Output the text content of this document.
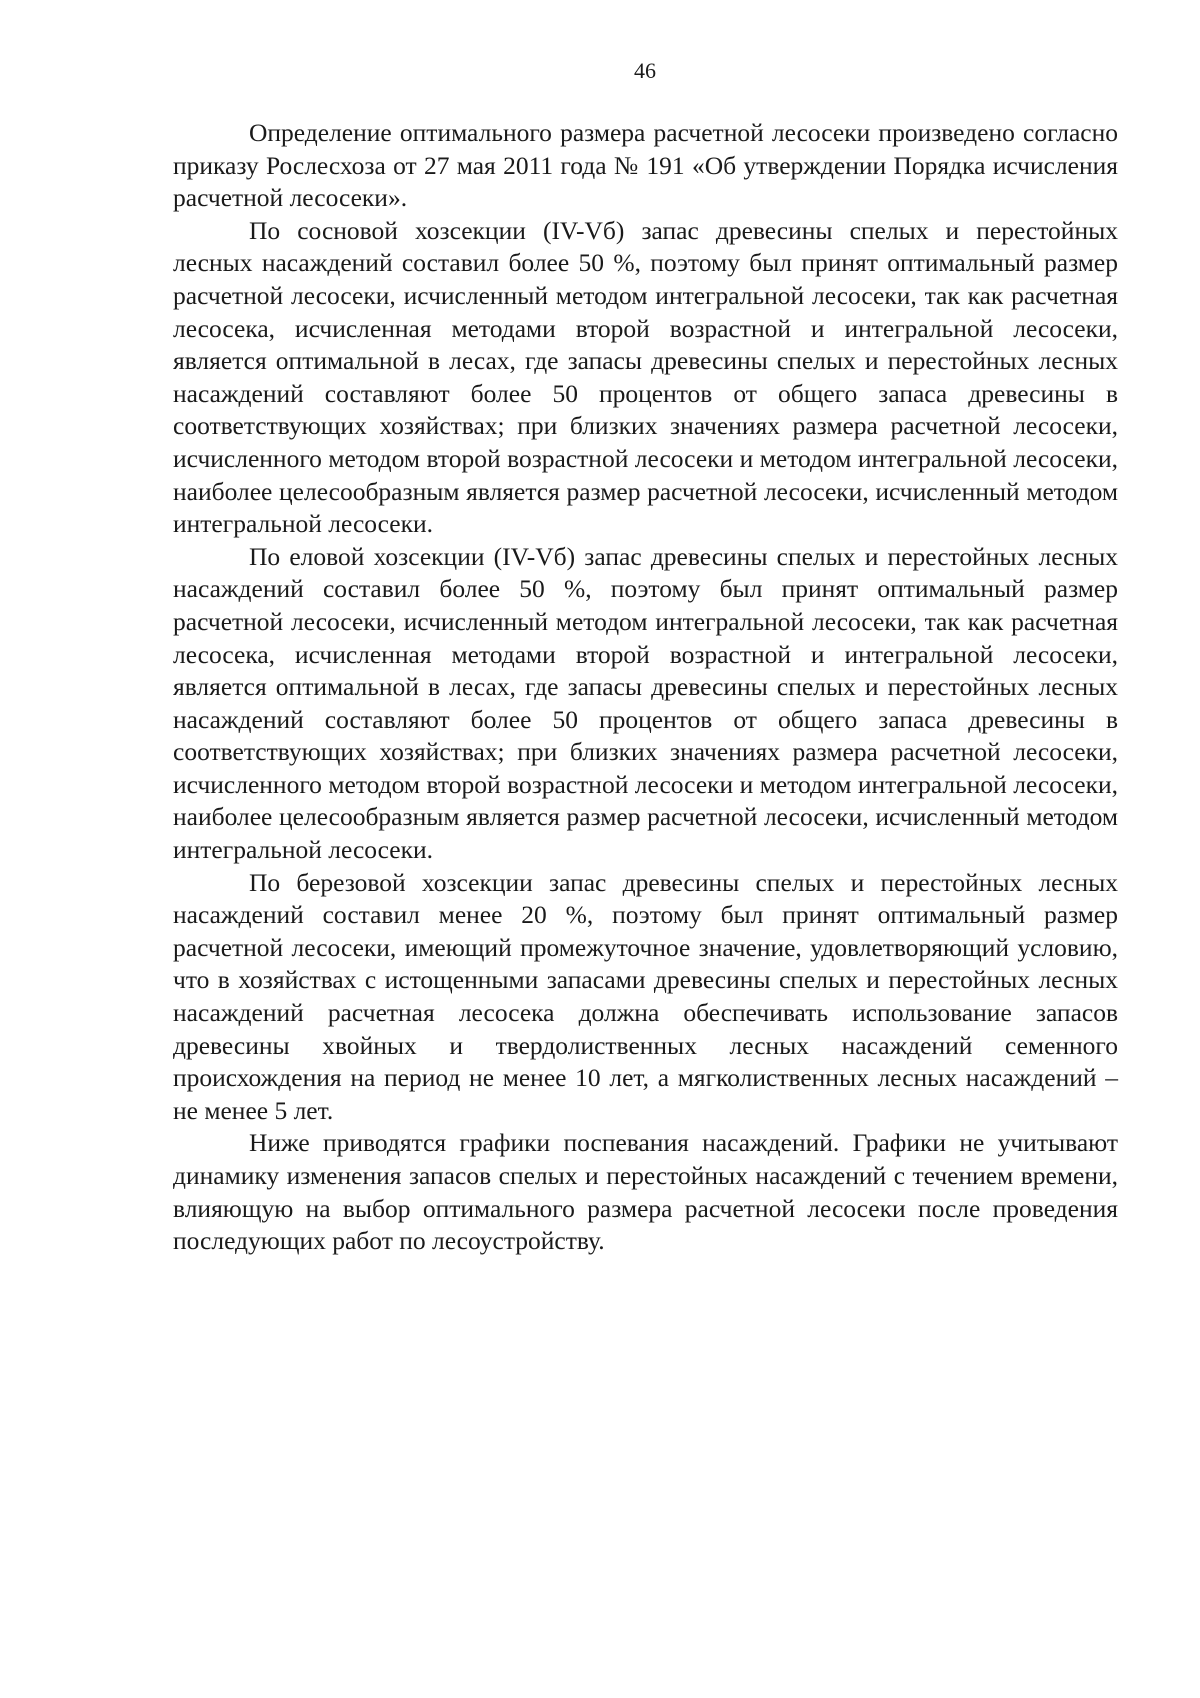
46

Определение оптимального размера расчетной лесосеки произведено согласно приказу Рослесхоза от 27 мая 2011 года № 191 «Об утверждении Порядка исчисления расчетной лесосеки».

По сосновой хозсекции (IV-Vб) запас древесины спелых и перестойных лесных насаждений составил более 50 %, поэтому был принят оптимальный размер расчетной лесосеки, исчисленный методом интегральной лесосеки, так как расчетная лесосека, исчисленная методами второй возрастной и интегральной лесосеки, является оптимальной в лесах, где запасы древесины спелых и перестойных лесных насаждений составляют более 50 процентов от общего запаса древесины в соответствующих хозяйствах; при близких значениях размера расчетной лесосеки, исчисленного методом второй возрастной лесосеки и методом интегральной лесосеки, наиболее целесообразным является размер расчетной лесосеки, исчисленный методом интегральной лесосеки.

По еловой хозсекции (IV-Vб) запас древесины спелых и перестойных лесных насаждений составил более 50 %, поэтому был принят оптимальный размер расчетной лесосеки, исчисленный методом интегральной лесосеки, так как расчетная лесосека, исчисленная методами второй возрастной и интегральной лесосеки, является оптимальной в лесах, где запасы древесины спелых и перестойных лесных насаждений составляют более 50 процентов от общего запаса древесины в соответствующих хозяйствах; при близких значениях размера расчетной лесосеки, исчисленного методом второй возрастной лесосеки и методом интегральной лесосеки, наиболее целесообразным является размер расчетной лесосеки, исчисленный методом интегральной лесосеки.

По березовой хозсекции запас древесины спелых и перестойных лесных насаждений составил менее 20 %, поэтому был принят оптимальный размер расчетной лесосеки, имеющий промежуточное значение, удовлетворяющий условию, что в хозяйствах с истощенными запасами древесины спелых и перестойных лесных насаждений расчетная лесосека должна обеспечивать использование запасов древесины хвойных и твердолиственных лесных насаждений семенного происхождения на период не менее 10 лет, а мягколиственных лесных насаждений – не менее 5 лет.

Ниже приводятся графики поспевания насаждений. Графики не учитывают динамику изменения запасов спелых и перестойных насаждений с течением времени, влияющую на выбор оптимального размера расчетной лесосеки после проведения последующих работ по лесоустройству.
